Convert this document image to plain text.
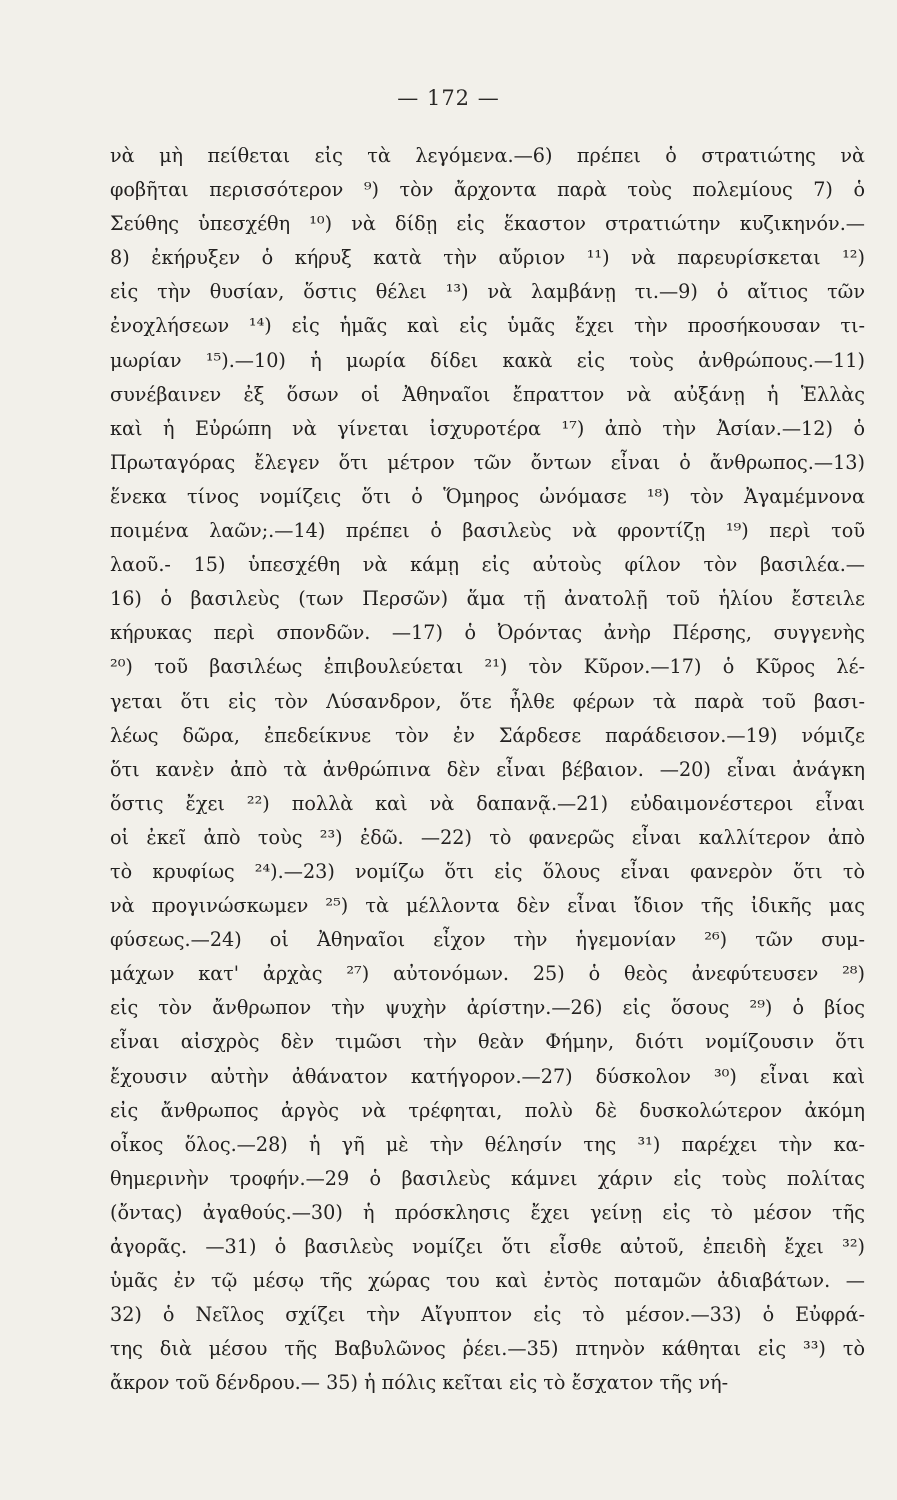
— 172 —
νὰ μὴ πείθεται εἰς τὰ λεγόμενα.—6) πρέπει ὁ στρατιώτης νὰ
φοβῆται περισσότερον ⁹) τὸν ἄρχοντα παρὰ τοὺς πολεμίους 7) ὁ
Σεύθης ὑπεσχέθη ¹⁰) νὰ δίδῃ εἰς ἕκαστον στρατιώτην κυζικηνόν.—
8) ἐκήρυξεν ὁ κήρυξ κατὰ τὴν αὔριον ¹¹) νὰ παρευρίσκεται ¹²)
εἰς τὴν θυσίαν, ὅστις θέλει ¹³) νὰ λαμβάνῃ τι.—9) ὁ αἴτιος τῶν
ἐνοχλήσεων ¹⁴) εἰς ἡμᾶς καὶ εἰς ὑμᾶς ἔχει τὴν προσήκουσαν τι-
μωρίαν ¹⁵).—10) ἡ μωρία δίδει κακὰ εἰς τοὺς ἀνθρώπους.—11)
συνέβαινεν ἐξ ὅσων οἱ Ἀθηναῖοι ἔπραττον νὰ αὐξάνῃ ἡ Ἑλλὰς
καὶ ἡ Εὐρώπη νὰ γίνεται ἰσχυροτέρα ¹⁷) ἀπὸ τὴν Ἀσίαν.—12) ὁ
Πρωταγόρας ἔλεγεν ὅτι μέτρον τῶν ὄντων εἶναι ὁ ἄνθρωπος.—13)
ἕνεκα τίνος νομίζεις ὅτι ὁ Ὅμηρος ὠνόμασε ¹⁸) τὸν Ἀγαμέμνονα
ποιμένα λαῶν;.—14) πρέπει ὁ βασιλεὺς νὰ φροντίζῃ ¹⁹) περὶ τοῦ
λαοῦ.- 15) ὑπεσχέθη νὰ κάμῃ εἰς αὐτοὺς φίλον τὸν βασιλέα.—
16) ὁ βασιλεὺς (των Περσῶν) ἅμα τῇ ἀνατολῇ τοῦ ἡλίου ἔστειλε
κήρυκας περὶ σπονδῶν. —17) ὁ Ὀρόντας ἀνὴρ Πέρσης, συγγενὴς
²⁰) τοῦ βασιλέως ἐπιβουλεύεται ²¹) τὸν Κῦρον.—17) ὁ Κῦρος λέ-
γεται ὅτι εἰς τὸν Λύσανδρον, ὅτε ἦλθε φέρων τὰ παρὰ τοῦ βασι-
λέως δῶρα, ἐπεδείκνυε τὸν ἐν Σάρδεσε παράδεισον.—19) νόμιζε
ὅτι κανὲν ἀπὸ τὰ ἀνθρώπινα δὲν εἶναι βέβαιον. —20) εἶναι ἀνάγκη
ὅστις ἔχει ²²) πολλὰ καὶ νὰ δαπανᾷ.—21) εὐδαιμονέστεροι εἶναι
οἱ ἐκεῖ ἀπὸ τοὺς ²³) ἐδῶ. —22) τὸ φανερῶς εἶναι καλλίτερον ἀπὸ
τὸ κρυφίως ²⁴).—23) νομίζω ὅτι εἰς ὅλους εἶναι φανερὸν ὅτι τὸ
νὰ προγινώσκωμεν ²⁵) τὰ μέλλοντα δὲν εἶναι ἴδιον τῆς ἰδικῆς μας
φύσεως.—24) οἱ Ἀθηναῖοι εἶχον τὴν ἡγεμονίαν ²⁶) τῶν συμ-
μάχων κατ' ἀρχὰς ²⁷) αὐτονόμων. 25) ὁ θεὸς ἀνεφύτευσεν ²⁸)
εἰς τὸν ἄνθρωπον τὴν ψυχὴν ἀρίστην.—26) εἰς ὅσους ²⁹) ὁ βίος
εἶναι αἰσχρὸς δὲν τιμῶσι τὴν θεὰν Φήμην, διότι νομίζουσιν ὅτι
ἔχουσιν αὐτὴν ἀθάνατον κατήγορον.—27) δύσκολον ³⁰) εἶναι καὶ
εἰς ἄνθρωπος ἀργὸς νὰ τρέφηται, πολὺ δὲ δυσκολώτερον ἀκόμη
οἶκος ὅλος.—28) ἡ γῆ μὲ τὴν θέλησίν της ³¹) παρέχει τὴν κα-
θημερινὴν τροφήν.—29 ὁ βασιλεὺς κάμνει χάριν εἰς τοὺς πολίτας
(ὄντας) ἀγαθούς.—30) ἡ πρόσκλησις ἔχει γείνῃ εἰς τὸ μέσον τῆς
ἀγορᾶς. —31) ὁ βασιλεὺς νομίζει ὅτι εἶσθε αὐτοῦ, ἐπειδὴ ἔχει ³²)
ὑμᾶς ἐν τῷ μέσῳ τῆς χώρας του καὶ ἐντὸς ποταμῶν ἀδιαβάτων. —
32) ὁ Νεῖλος σχίζει τὴν Αἴγυπτον εἰς τὸ μέσον.—33) ὁ Εὐφρά-
της διὰ μέσου τῆς Βαβυλῶνος ῥέει.—35) πτηνὸν κάθηται εἰς ³³) τὸ
ἄκρον τοῦ δένδρου.— 35) ἡ πόλις κεῖται εἰς τὸ ἔσχατον τῆς νή-
